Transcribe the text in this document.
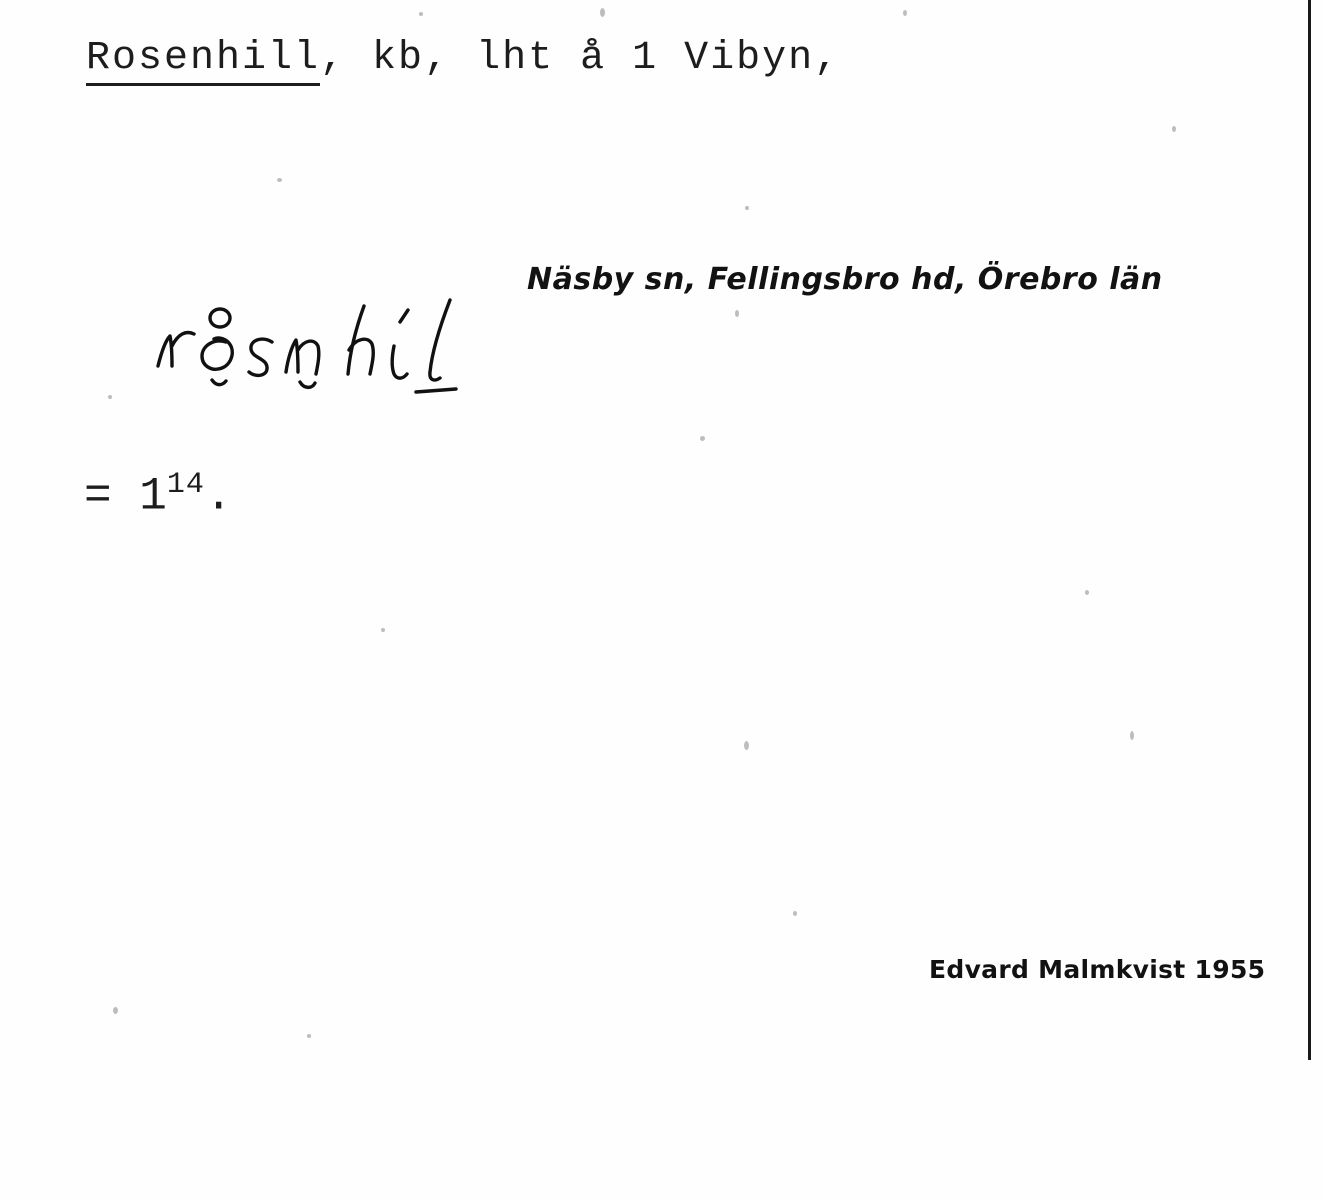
Rosenhill, kb, lht å 1 Vibyn,
Näsby sn, Fellingsbro hd, Örebro län
= $1^{14}$.
Edvard Malmkvist 1955
